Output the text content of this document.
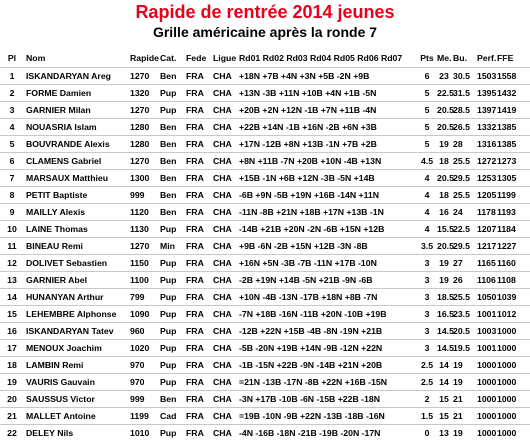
Rapide de rentrée 2014 jeunes
Grille américaine après la ronde 7
Pl	Nom	Rapide Cat.	Fede Ligue Rd01 Rd02 Rd03 Rd04 Rd05 Rd06 Rd07	Pts Me. Bu.	Perf. FFE
1	ISKANDARYAN Areg	1270	Ben	FRA	CHA +18N +7B +4N +3N +5B -2N +9B	6	23 30.5 1503 1558
2	FORME Damien	1320	Pup	FRA	CHA +13N -3B +11N +10B +4N +1B -5N	5 22.5 31.5 1395 1432
3	GARNIER Milan	1270	Pup	FRA	CHA +20B +2N +12N -1B +7N +11B -4N	5 20.5 28.5 1397 1419
4	NOUASRIA Islam	1280	Ben	FRA	CHA +22B +14N -1B +16N -2B +6N +3B	5 20.5 26.5 1332 1385
5	BOUVRANDE Alexis	1280	Ben	FRA	CHA +17N -12B +8N +13B -1N +7B +2B	5	19 28	1316 1385
6	CLAMENS Gabriel	1270	Ben	FRA	CHA +8N +11B -7N +20B +10N -4B +13N	4.5 18 25.5 1272 1273
7	MARSAUX Matthieu	1300	Ben	FRA	CHA +15B -1N +6B +12N -3B -5N +14B	4 20.5 29.5 1253 1305
8	PETIT Baptiste	999	Ben	FRA	CHA -6B +9N -5B +19N +16B -14N +11N	4	18 25.5 1205 1199
9	MAILLY Alexis	1120	Ben	FRA	CHA -11N -8B +21N +18B +17N +13B -1N	4	16 24	1178 1193
10	LAINE Thomas	1130	Pup	FRA	CHA -14B +21B +20N -2N -6B +15N +12B	4 15.5 22.5 1207 1184
11	BINEAU Remi	1270	Min	FRA	CHA +9B -6N -2B +15N +12B -3N -8B	3.5 20.5 29.5 1217 1227
12	DOLIVET Sebastien	1150	Pup	FRA	CHA +16N +5N -3B -7B -11N +17B -10N	3	19 27	1165 1160
13	GARNIER Abel	1100	Pup	FRA	CHA -2B +19N +14B -5N +21B -9N -6B	3	19 26	1106 1108
14	HUNANYAN Arthur	799	Pup	FRA	CHA +10N -4B -13N -17B +18N +8B -7N	3 18.5 25.5 1050 1039
15	LEHEMBRE Alphonse	1090	Pup	FRA	CHA -7N +18B -16N -11B +20N -10B +19B	3 16.5 23.5 1001 1012
16	ISKANDARYAN Tatev	960	Pup	FRA	CHA -12B +22N +15B -4B -8N -19N +21B	3 14.5 20.5 1003 1000
17	MENOUX Joachim	1020	Pup	FRA	CHA -5B -20N +19B +14N -9B -12N +22N	3 14.5 19.5 1001 1000
18	LAMBIN Remi	970	Pup	FRA	CHA -1B -15N +22B -9N -14B +21N +20B	2.5 14 19	1000 1000
19	VAURIS Gauvain	970	Pup	FRA	CHA =21N -13B -17N -8B +22N +16B -15N	2.5 14 19	1000 1000
20	SAUSSUS Victor	999	Ben	FRA	CHA -3N +17B -10B -6N -15B +22B -18N	2	15 21	1000 1000
21	MALLET Antoine	1199	Cad	FRA	CHA =19B -10N -9B +22N -13B -18B -16N	1.5 15 21	1000 1000
22	DELEY Nils	1010	Pup	FRA	CHA -4N -16B -18N -21B -19B -20N -17N	0	13 19	1000 1000
